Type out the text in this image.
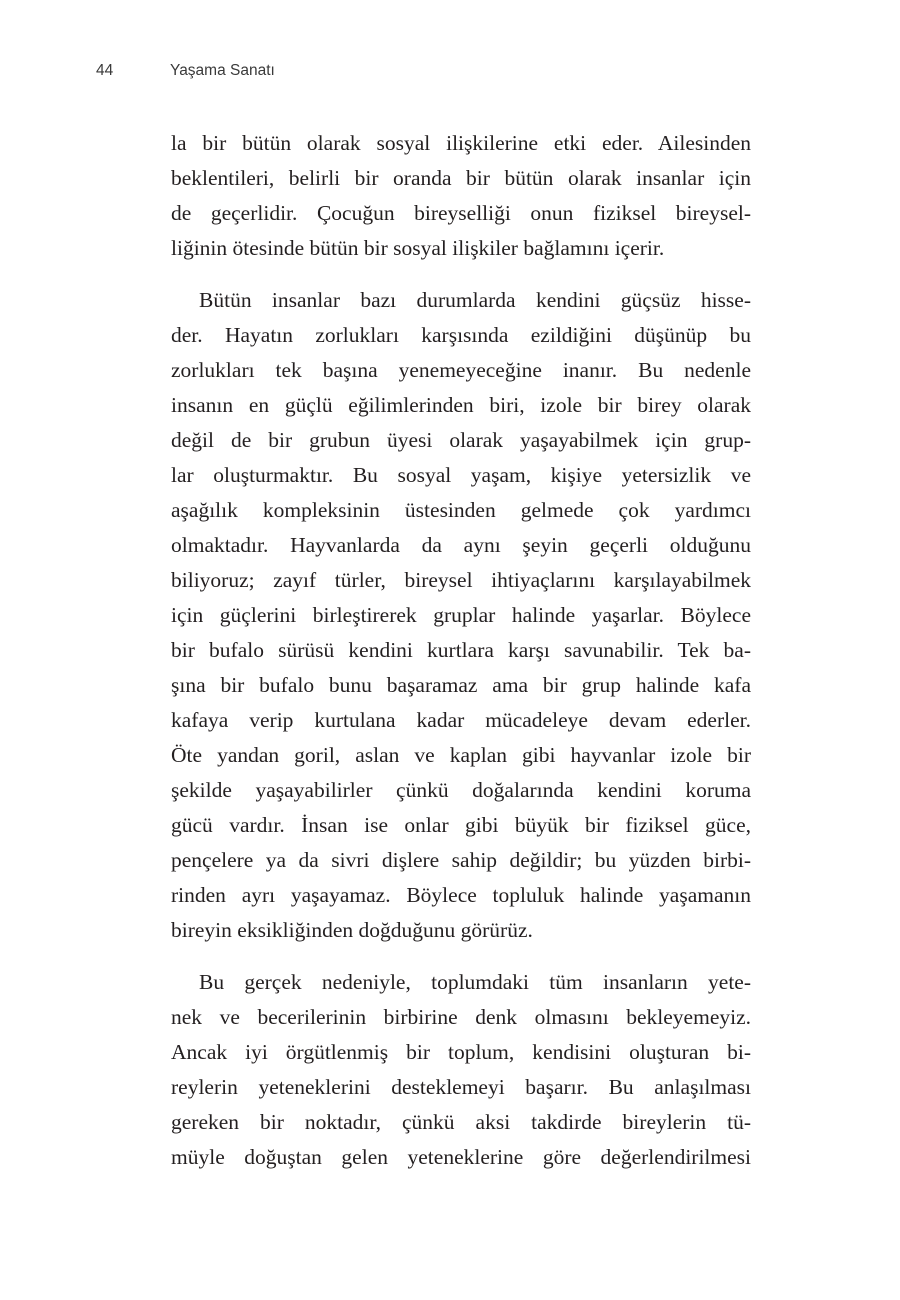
44	Yaşama Sanatı
la bir bütün olarak sosyal ilişkilerine etki eder. Ailesinden
beklentileri, belirli bir oranda bir bütün olarak insanlar için
de geçerlidir. Çocuğun bireyselliği onun fiziksel bireysel-
liğinin ötesinde bütün bir sosyal ilişkiler bağlamını içerir.
Bütün insanlar bazı durumlarda kendini güçsüz hisse-
der. Hayatın zorlukları karşısında ezildiğini düşünüp bu
zorlukları tek başına yenemeyeceğine inanır. Bu nedenle
insanın en güçlü eğilimlerinden biri, izole bir birey olarak
değil de bir grubun üyesi olarak yaşayabilmek için grup-
lar oluşturmaktır. Bu sosyal yaşam, kişiye yetersizlik ve
aşağılık kompleksinin üstesinden gelmede çok yardımcı
olmaktadır. Hayvanlarda da aynı şeyin geçerli olduğunu
biliyoruz; zayıf türler, bireysel ihtiyaçlarını karşılayabilmek
için güçlerini birleştirerek gruplar halinde yaşarlar. Böylece
bir bufalo sürüsü kendini kurtlara karşı savunabilir. Tek ba-
şına bir bufalo bunu başaramaz ama bir grup halinde kafa
kafaya verip kurtulana kadar mücadeleye devam ederler.
Öte yandan goril, aslan ve kaplan gibi hayvanlar izole bir
şekilde yaşayabilirler çünkü doğalarında kendini koruma
gücü vardır. İnsan ise onlar gibi büyük bir fiziksel güce,
pençelere ya da sivri dişlere sahip değildir; bu yüzden birbi-
rinden ayrı yaşayamaz. Böylece topluluk halinde yaşamanın
bireyin eksikliğinden doğduğunu görürüz.
Bu gerçek nedeniyle, toplumdaki tüm insanların yete-
nek ve becerilerinin birbirine denk olmasını bekleyemeyiz.
Ancak iyi örgütlenmiş bir toplum, kendisini oluşturan bi-
reylerin yeteneklerini desteklemeyi başarır. Bu anlaşılması
gereken bir noktadır, çünkü aksi takdirde bireylerin tü-
müyle doğuştan gelen yeteneklerine göre değerlendirilmesi
